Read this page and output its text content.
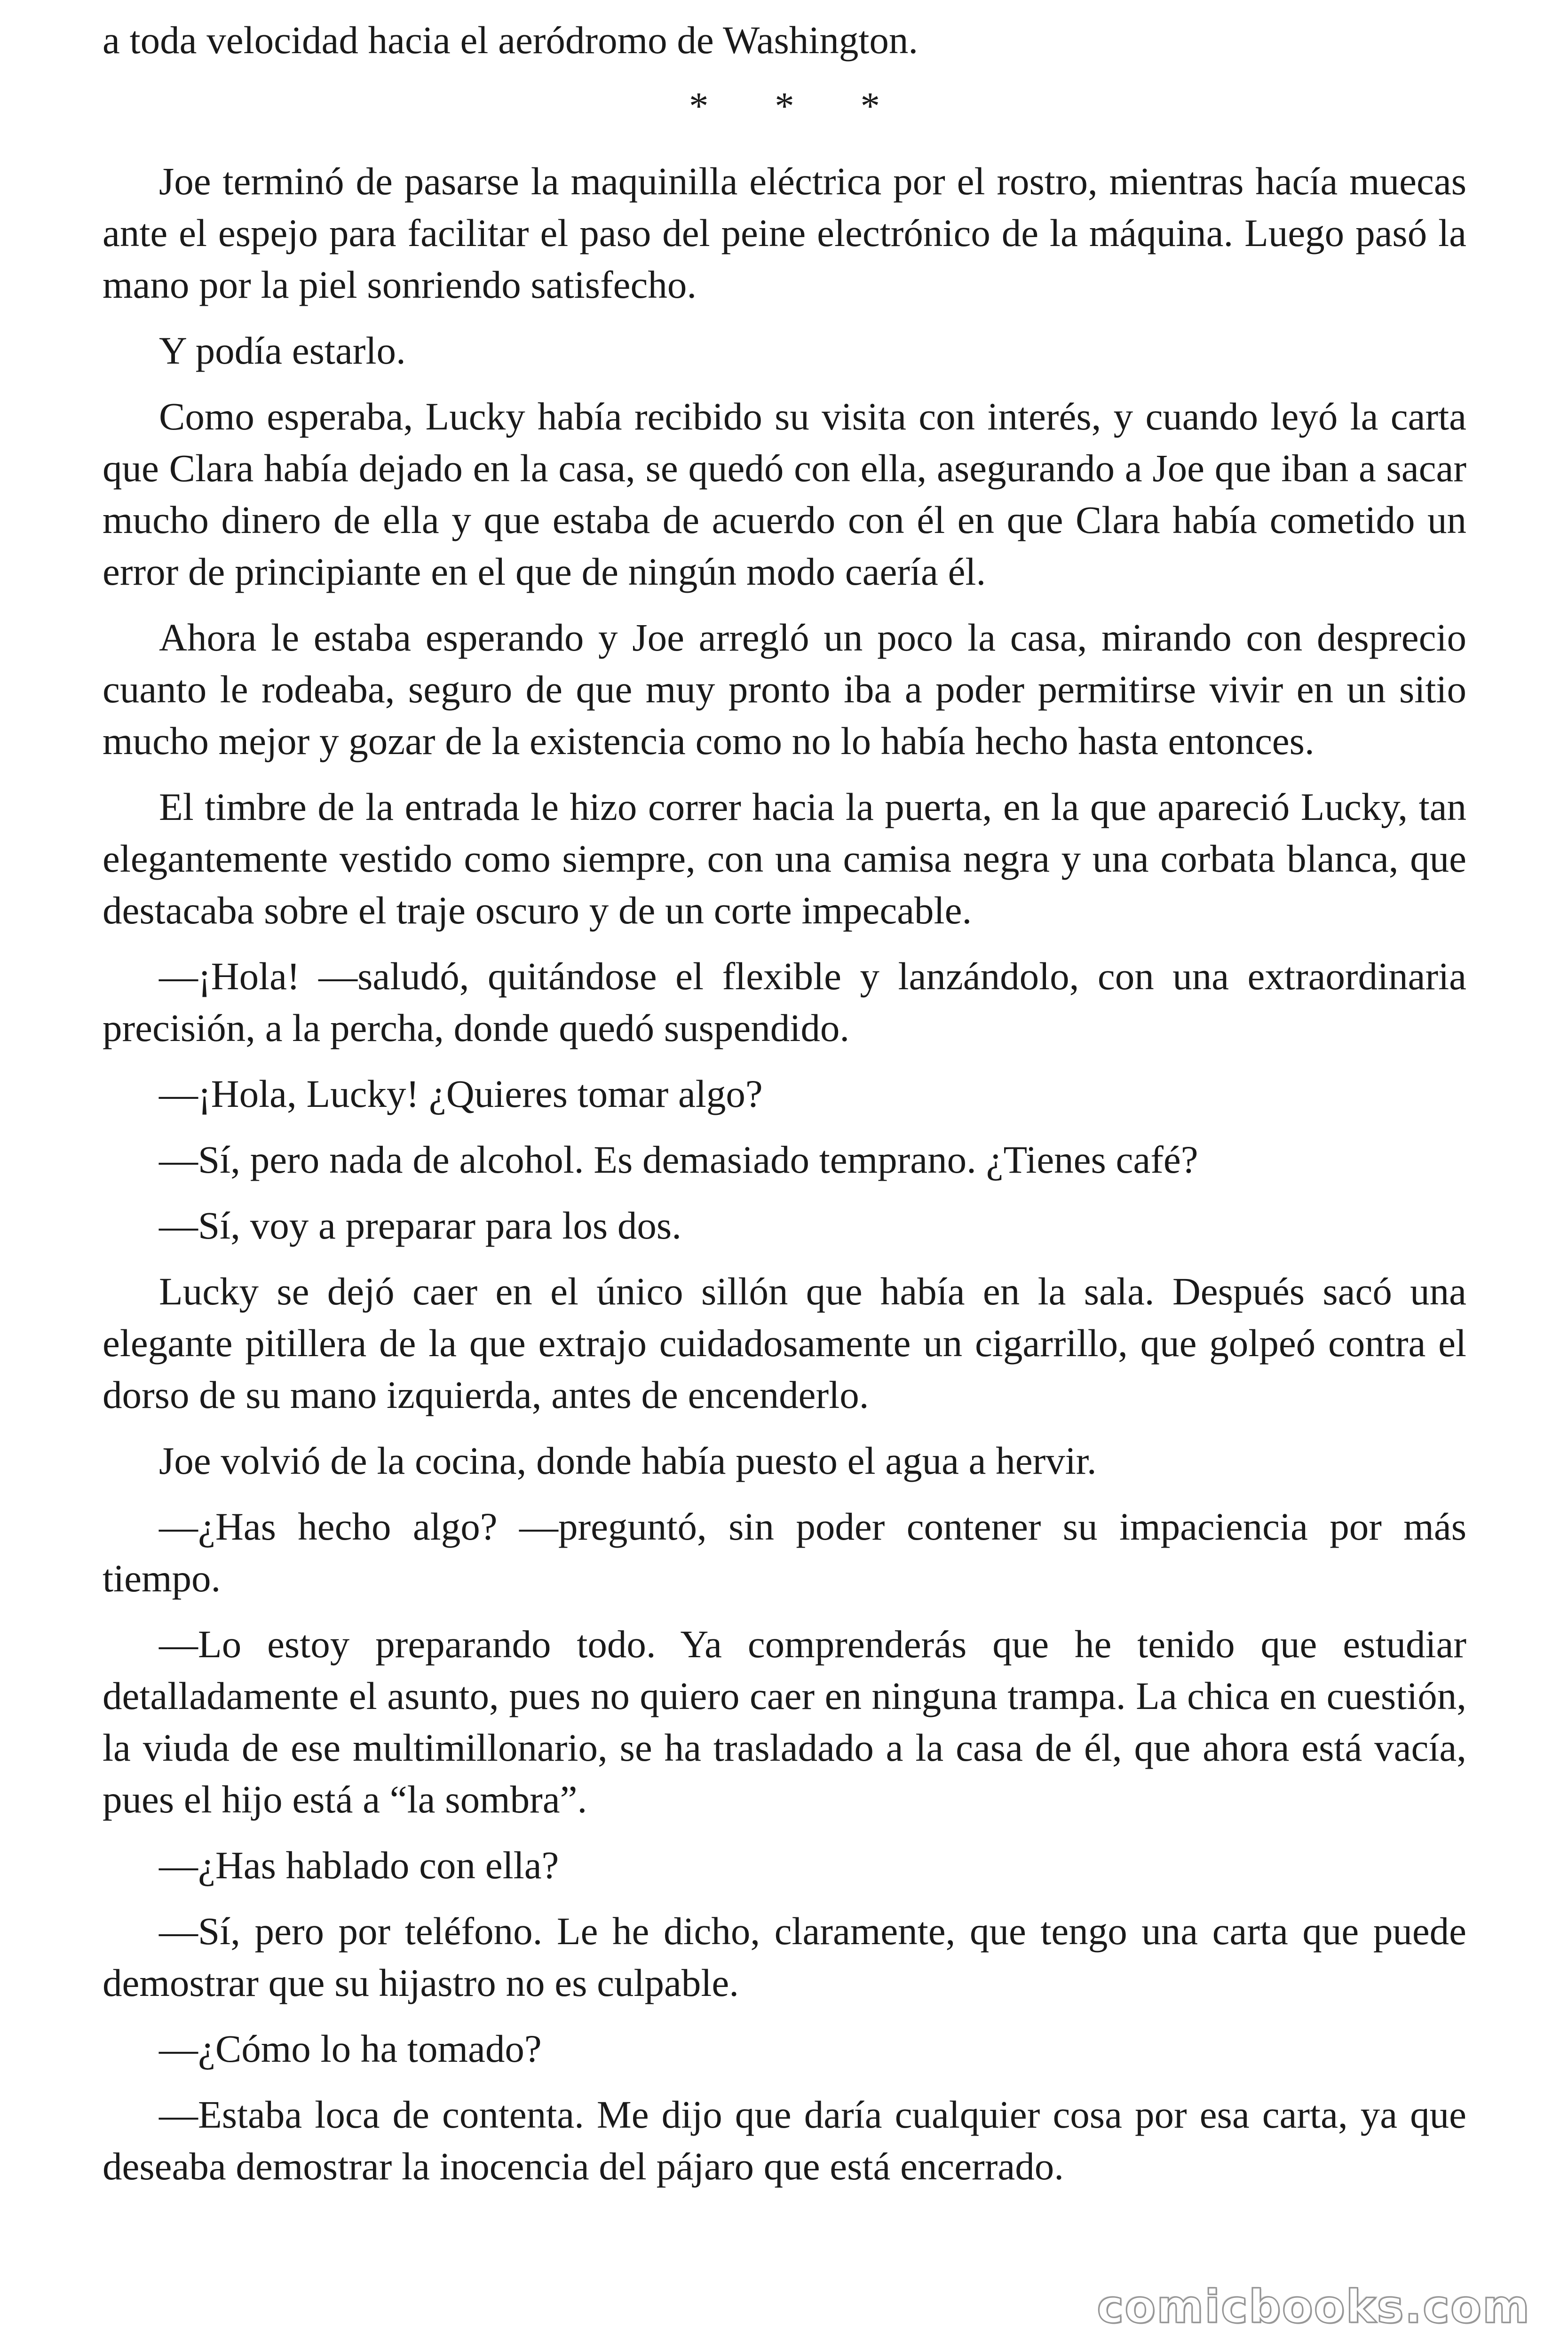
a toda velocidad hacia el aeródromo de Washington.

* * *

Joe terminó de pasarse la maquinilla eléctrica por el rostro, mientras hacía muecas ante el espejo para facilitar el paso del peine electrónico de la máquina. Luego pasó la mano por la piel sonriendo satisfecho.

Y podía estarlo.

Como esperaba, Lucky había recibido su visita con interés, y cuando leyó la carta que Clara había dejado en la casa, se quedó con ella, asegurando a Joe que iban a sacar mucho dinero de ella y que estaba de acuerdo con él en que Clara había cometido un error de principiante en el que de ningún modo caería él.

Ahora le estaba esperando y Joe arregló un poco la casa, mirando con desprecio cuanto le rodeaba, seguro de que muy pronto iba a poder permitirse vivir en un sitio mucho mejor y gozar de la existencia como no lo había hecho hasta entonces.

El timbre de la entrada le hizo correr hacia la puerta, en la que apareció Lucky, tan elegantemente vestido como siempre, con una camisa negra y una corbata blanca, que destacaba sobre el traje oscuro y de un corte impecable.

—¡Hola! —saludó, quitándose el flexible y lanzándolo, con una extraordinaria precisión, a la percha, donde quedó suspendido.

—¡Hola, Lucky! ¿Quieres tomar algo?

—Sí, pero nada de alcohol. Es demasiado temprano. ¿Tienes café?

—Sí, voy a preparar para los dos.

Lucky se dejó caer en el único sillón que había en la sala. Después sacó una elegante pitillera de la que extrajo cuidadosamente un cigarrillo, que golpeó contra el dorso de su mano izquierda, antes de encenderlo.

Joe volvió de la cocina, donde había puesto el agua a hervir.

—¿Has hecho algo? —preguntó, sin poder contener su impaciencia por más tiempo.

—Lo estoy preparando todo. Ya comprenderás que he tenido que estudiar detalladamente el asunto, pues no quiero caer en ninguna trampa. La chica en cuestión, la viuda de ese multimillonario, se ha trasladado a la casa de él, que ahora está vacía, pues el hijo está a “la sombra”.

—¿Has hablado con ella?

—Sí, pero por teléfono. Le he dicho, claramente, que tengo una carta que puede demostrar que su hijastro no es culpable.

—¿Cómo lo ha tomado?

—Estaba loca de contenta. Me dijo que daría cualquier cosa por esa carta, ya que deseaba demostrar la inocencia del pájaro que está encerrado.

comicbooks.com
